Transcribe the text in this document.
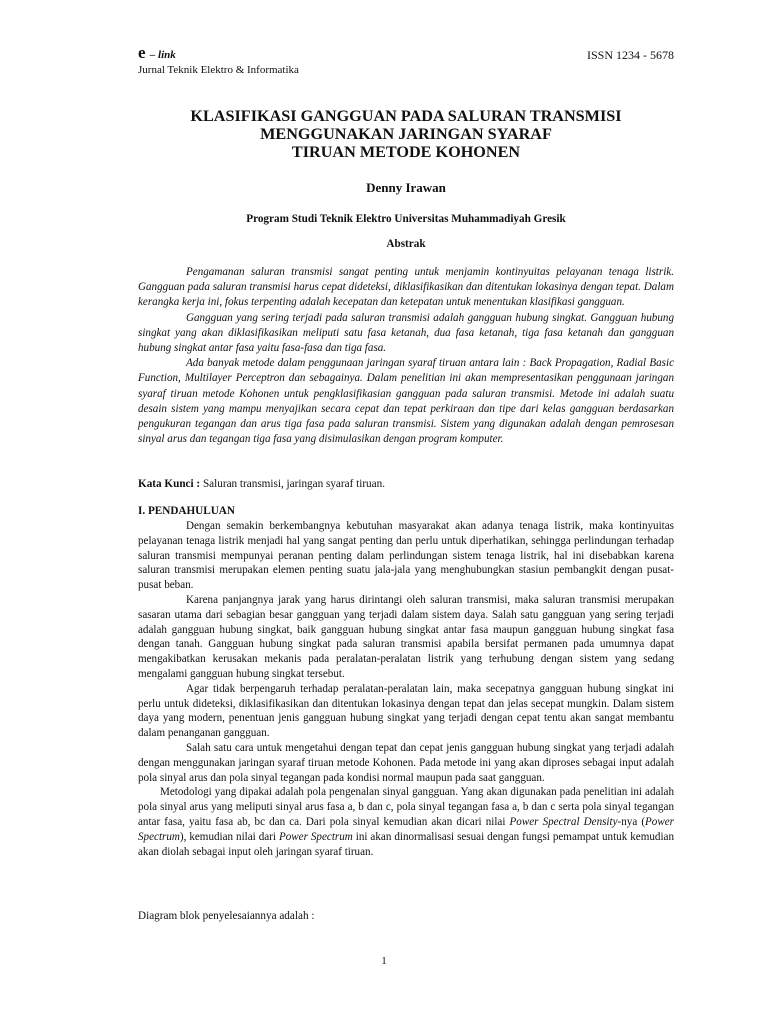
e – link	ISSN 1234 - 5678
Jurnal Teknik Elektro & Informatika
KLASIFIKASI GANGGUAN PADA SALURAN TRANSMISI
MENGGUNAKAN JARINGAN SYARAF
TIRUAN METODE KOHONEN
Denny Irawan
Program Studi Teknik Elektro Universitas Muhammadiyah Gresik
Abstrak

Pengamanan saluran transmisi sangat penting untuk menjamin kontinyuitas pelayanan tenaga listrik. Gangguan pada saluran transmisi harus cepat dideteksi, diklasifikasikan dan ditentukan lokasinya dengan tepat. Dalam kerangka kerja ini, fokus terpenting adalah kecepatan dan ketepatan untuk menentukan klasifikasi gangguan.

Gangguan yang sering terjadi pada saluran transmisi adalah gangguan hubung singkat. Gangguan hubung singkat yang akan diklasifikasikan meliputi satu fasa ketanah, dua fasa ketanah, tiga fasa ketanah dan gangguan hubung singkat antar fasa yaitu fasa-fasa dan tiga fasa.

Ada banyak metode dalam penggunaan jaringan syaraf tiruan antara lain : Back Propagation, Radial Basic Function, Multilayer Perceptron dan sebagainya. Dalam penelitian ini akan mempresentasikan penggunaan jaringan syaraf tiruan metode Kohonen untuk pengklasifikasian gangguan pada saluran transmisi. Metode ini adalah suatu desain sistem yang mampu menyajikan secara cepat dan tepat perkiraan dan tipe dari kelas gangguan berdasarkan pengukuran tegangan dan arus tiga fasa pada saluran transmisi. Sistem yang digunakan adalah dengan pemrosesan sinyal arus dan tegangan tiga fasa yang disimulasikan dengan program komputer.

Kata Kunci : Saluran transmisi, jaringan syaraf tiruan.
I. PENDAHULUAN

Dengan semakin berkembangnya kebutuhan masyarakat akan adanya tenaga listrik, maka kontinyuitas pelayanan tenaga listrik menjadi hal yang sangat penting dan perlu untuk diperhatikan, sehingga perlindungan terhadap saluran transmisi mempunyai peranan penting dalam perlindungan sistem tenaga listrik, hal ini disebabkan karena saluran transmisi merupakan elemen penting suatu jala-jala yang menghubungkan stasiun pembangkit dengan pusat-pusat beban.

Karena panjangnya jarak yang harus dirintangi oleh saluran transmisi, maka saluran transmisi merupakan sasaran utama dari sebagian besar gangguan yang terjadi dalam sistem daya. Salah satu gangguan yang sering terjadi adalah gangguan hubung singkat, baik gangguan hubung singkat antar fasa maupun gangguan hubung singkat fasa dengan tanah. Gangguan hubung singkat pada saluran transmisi apabila bersifat permanen pada umumnya dapat mengakibatkan kerusakan mekanis pada peralatan-peralatan listrik yang terhubung dengan sistem yang sedang mengalami gangguan hubung singkat tersebut.

Agar tidak berpengaruh terhadap peralatan-peralatan lain, maka secepatnya gangguan hubung singkat ini perlu untuk dideteksi, diklasifikasikan dan ditentukan lokasinya dengan tepat dan jelas secepat mungkin. Dalam sistem daya yang modern, penentuan jenis gangguan hubung singkat yang terjadi dengan cepat tentu akan sangat membantu dalam penanganan gangguan.

Salah satu cara untuk mengetahui dengan tepat dan cepat jenis gangguan hubung singkat yang terjadi adalah dengan menggunakan jaringan syaraf tiruan metode Kohonen. Pada metode ini yang akan diproses sebagai input adalah pola sinyal arus dan pola sinyal tegangan pada kondisi normal maupun pada saat gangguan.

Metodologi yang dipakai adalah pola pengenalan sinyal gangguan. Yang akan digunakan pada penelitian ini adalah pola sinyal arus yang meliputi sinyal arus fasa a, b dan c, pola sinyal tegangan fasa a, b dan c serta pola sinyal tegangan antar fasa, yaitu fasa ab, bc dan ca. Dari pola sinyal kemudian akan dicari nilai Power Spectral Density-nya (Power Spectrum), kemudian nilai dari Power Spectrum ini akan dinormalisasi sesuai dengan fungsi pemampat untuk kemudian akan diolah sebagai input oleh jaringan syaraf tiruan.

Diagram blok penyelesaiannya adalah :
1
